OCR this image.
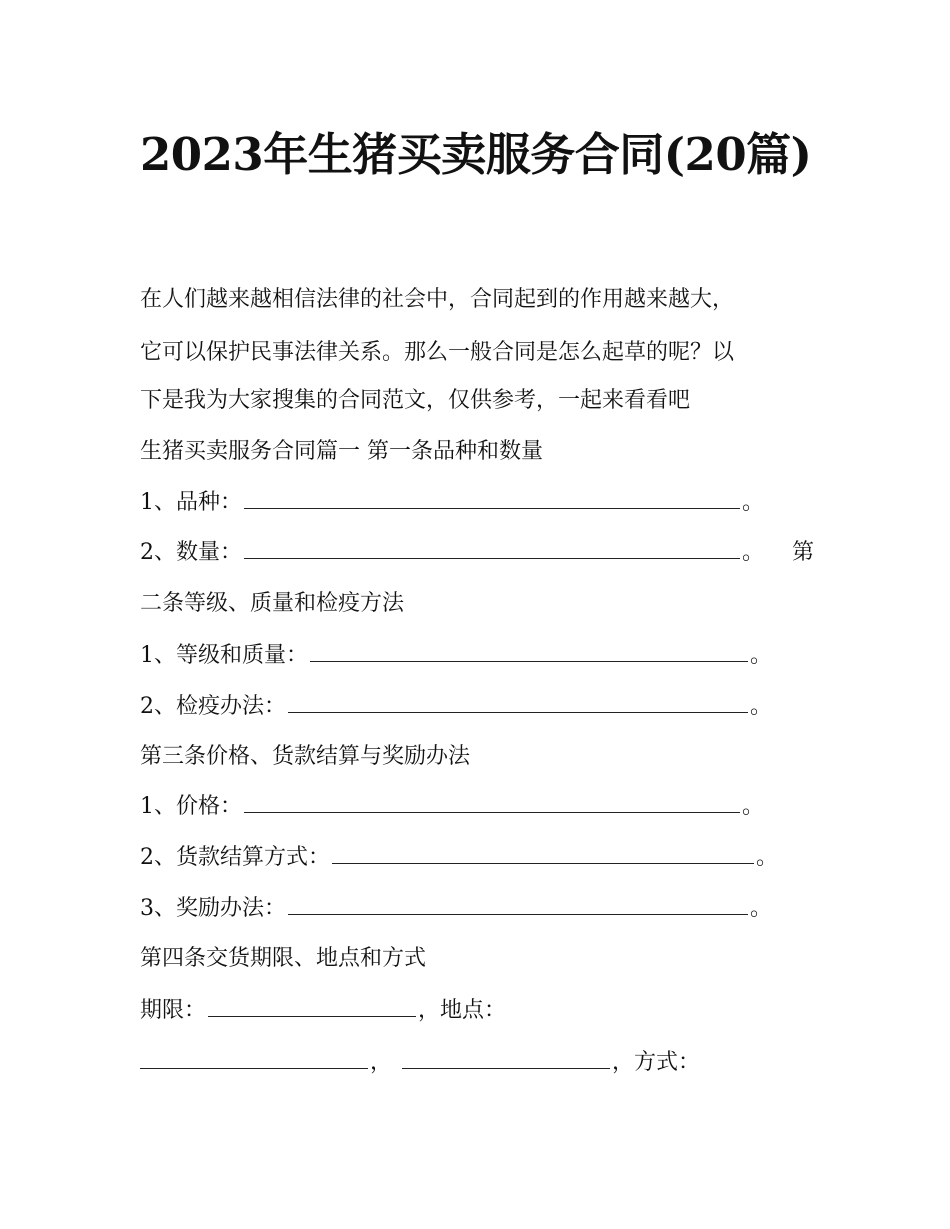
2023年生猪买卖服务合同(20篇)
在人们越来越相信法律的社会中，合同起到的作用越来越大，
它可以保护民事法律关系。那么一般合同是怎么起草的呢？以
下是我为大家搜集的合同范文，仅供参考，一起来看看吧
生猪买卖服务合同篇一 第一条品种和数量
1、品种：	。
2、数量：	。 第
二条等级、质量和检疫方法
1、等级和质量：	。
2、检疫办法：	。
第三条价格、货款结算与奖励办法
1、价格：	。
2、货款结算方式：	。
3、奖励办法：	。
第四条交货期限、地点和方式
期限：	，地点：
，	，方式：
